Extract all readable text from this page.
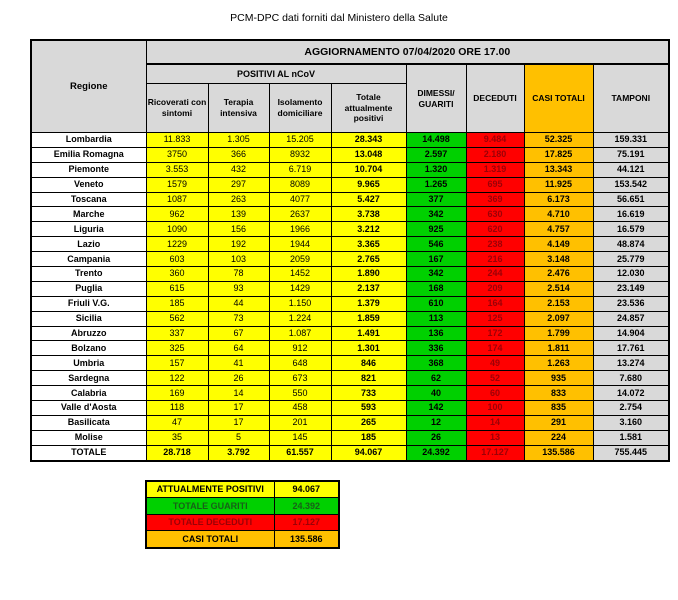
PCM-DPC dati forniti dal Ministero della Salute
Regione	AGGIORNAMENTO 07/04/2020 ORE 17.00							
	POSITIVI AL nCoV				DIMESSI/ GUARITI	DECEDUTI	CASI TOTALI	TAMPONI
	Ricoverati con sintomi	Terapia intensiva	Isolamento domiciliare	Totale attualmente positivi				
Lombardia	11.833	1.305	15.205	28.343	14.498	9.484	52.325	159.331
Emilia Romagna	3750	366	8932	13.048	2.597	2.180	17.825	75.191
Piemonte	3.553	432	6.719	10.704	1.320	1.319	13.343	44.121
Veneto	1579	297	8089	9.965	1.265	695	11.925	153.542
Toscana	1087	263	4077	5.427	377	369	6.173	56.651
Marche	962	139	2637	3.738	342	630	4.710	16.619
Liguria	1090	156	1966	3.212	925	620	4.757	16.579
Lazio	1229	192	1944	3.365	546	238	4.149	48.874
Campania	603	103	2059	2.765	167	216	3.148	25.779
Trento	360	78	1452	1.890	342	244	2.476	12.030
Puglia	615	93	1429	2.137	168	209	2.514	23.149
Friuli V.G.	185	44	1.150	1.379	610	164	2.153	23.536
Sicilia	562	73	1.224	1.859	113	125	2.097	24.857
Abruzzo	337	67	1.087	1.491	136	172	1.799	14.904
Bolzano	325	64	912	1.301	336	174	1.811	17.761
Umbria	157	41	648	846	368	49	1.263	13.274
Sardegna	122	26	673	821	62	52	935	7.680
Calabria	169	14	550	733	40	60	833	14.072
Valle d'Aosta	118	17	458	593	142	100	835	2.754
Basilicata	47	17	201	265	12	14	291	3.160
Molise	35	5	145	185	26	13	224	1.581
TOTALE	28.718	3.792	61.557	94.067	24.392	17.127	135.586	755.445
ATTUALMENTE POSITIVI	94.067
TOTALE GUARITI	24.392
TOTALE DECEDUTI	17.127
CASI TOTALI	135.586
